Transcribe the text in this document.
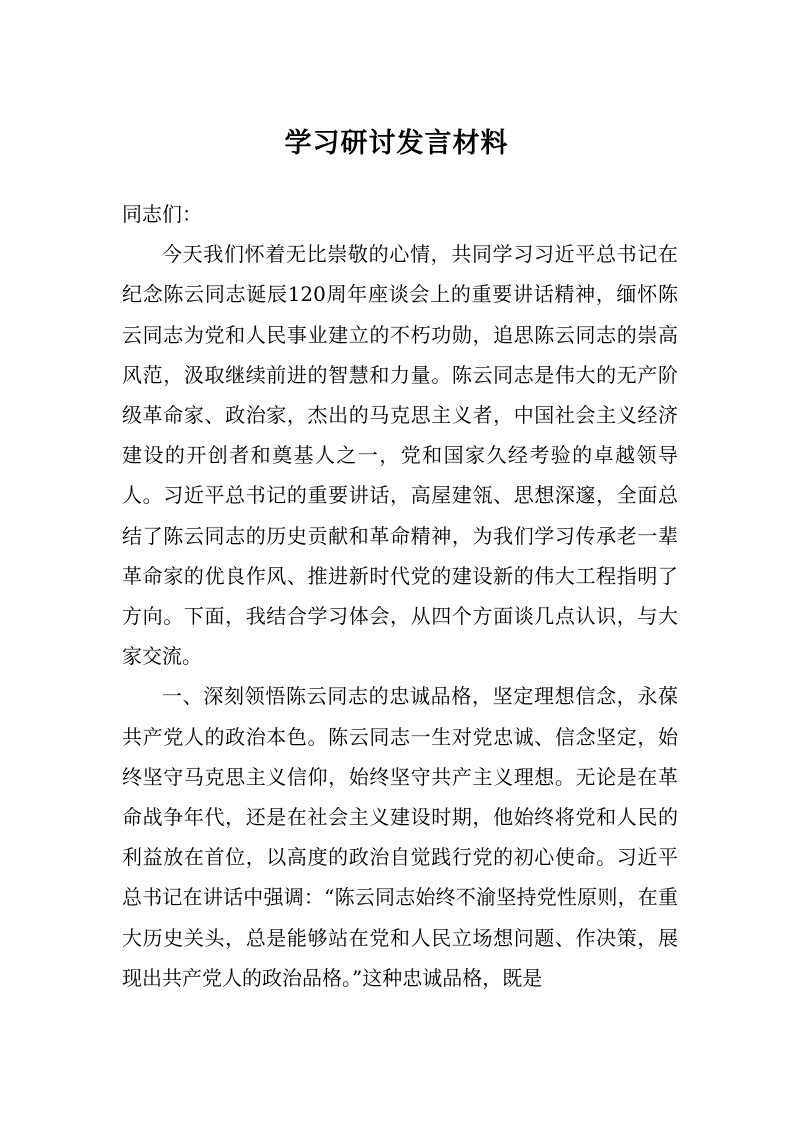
学习研讨发言材料

同志们：

今天我们怀着无比崇敬的心情，共同学习习近平总书记在纪念陈云同志诞辰120周年座谈会上的重要讲话精神，缅怀陈云同志为党和人民事业建立的不朽功勋，追思陈云同志的崇高风范，汲取继续前进的智慧和力量。陈云同志是伟大的无产阶级革命家、政治家，杰出的马克思主义者，中国社会主义经济建设的开创者和奠基人之一，党和国家久经考验的卓越领导人。习近平总书记的重要讲话，高屋建瓴、思想深邃，全面总结了陈云同志的历史贡献和革命精神，为我们学习传承老一辈革命家的优良作风、推进新时代党的建设新的伟大工程指明了方向。下面，我结合学习体会，从四个方面谈几点认识，与大家交流。

一、深刻领悟陈云同志的忠诚品格，坚定理想信念，永葆共产党人的政治本色。陈云同志一生对党忠诚、信念坚定，始终坚守马克思主义信仰，始终坚守共产主义理想。无论是在革命战争年代，还是在社会主义建设时期，他始终将党和人民的利益放在首位，以高度的政治自觉践行党的初心使命。习近平总书记在讲话中强调：“陈云同志始终不渝坚持党性原则，在重大历史关头，总是能够站在党和人民立场想问题、作决策，展现出共产党人的政治品格。”这种忠诚品格，既是
